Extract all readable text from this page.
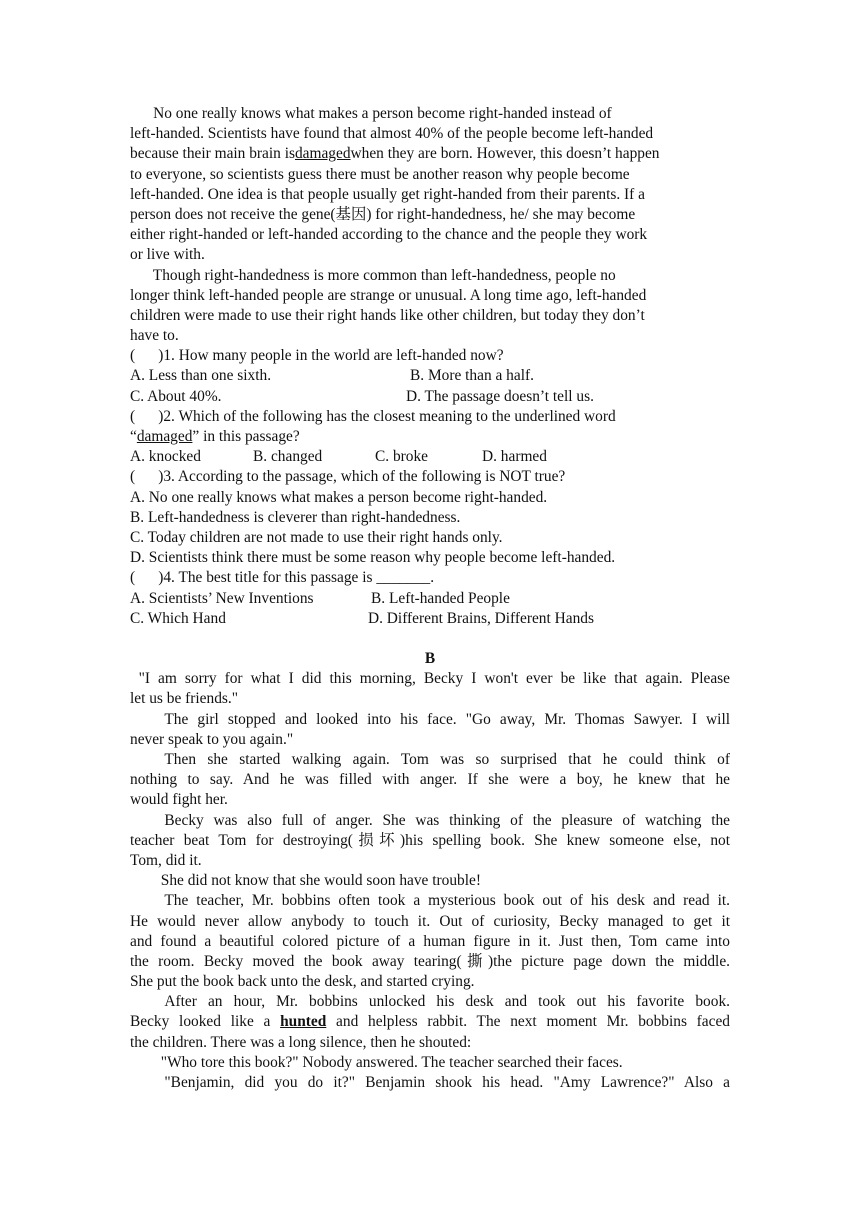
No one really knows what makes a person become right-handed instead of
left-handed. Scientists have found that almost 40% of the people become left-handed
because their main brain isdamagedwhen they are born. However, this doesn’t happen
to everyone, so scientists guess there must be another reason why people become
left-handed. One idea is that people usually get right-handed from their parents. If a
person does not receive the gene(基因) for right-handedness, he/ she may become
either right-handed or left-handed according to the chance and the people they work
or live with.
Though right-handedness is more common than left-handedness, people no
longer think left-handed people are strange or unusual. A long time ago, left-handed
children were made to use their right hands like other children, but today they don’t
have to.
(      )1. How many people in the world are left-handed now?
A. Less than one sixth.	B. More than a half.
C. About 40%.	D. The passage doesn’t tell us.
(      )2. Which of the following has the closest meaning to the underlined word
“damaged” in this passage?
A. knocked	B. changed	C. broke	D. harmed
(      )3. According to the passage, which of the following is NOT true?
A. No one really knows what makes a person become right-handed.
B. Left-handedness is cleverer than right-handedness.
C. Today children are not made to use their right hands only.
D. Scientists think there must be some reason why people become left-handed.
(      )4. The best title for this passage is _______.
A. Scientists’ New Inventions	B. Left-handed People
C. Which Hand	D. Different Brains, Different Hands
B
"I am sorry for what I did this morning, Becky I won't ever be like that again. Please
let us be friends."
The girl stopped and looked into his face. "Go away, Mr. Thomas Sawyer. I will
never speak to you again."
Then she started walking again. Tom was so surprised that he could think of
nothing to say. And he was filled with anger. If she were a boy, he knew that he
would fight her.
Becky was also full of anger. She was thinking of the pleasure of watching the
teacher beat Tom for destroying(损坏)his spelling book. She knew someone else, not
Tom, did it.
She did not know that she would soon have trouble!
The teacher, Mr. bobbins often took a mysterious book out of his desk and read it.
He would never allow anybody to touch it. Out of curiosity, Becky managed to get it
and found a beautiful colored picture of a human figure in it. Just then, Tom came into
the room. Becky moved the book away tearing(撕)the picture page down the middle.
She put the book back unto the desk, and started crying.
After an hour, Mr. bobbins unlocked his desk and took out his favorite book.
Becky looked like a hunted and helpless rabbit. The next moment Mr. bobbins faced
the children. There was a long silence, then he shouted:
"Who tore this book?" Nobody answered. The teacher searched their faces.
"Benjamin, did you do it?" Benjamin shook his head. "Amy Lawrence?" Also a
